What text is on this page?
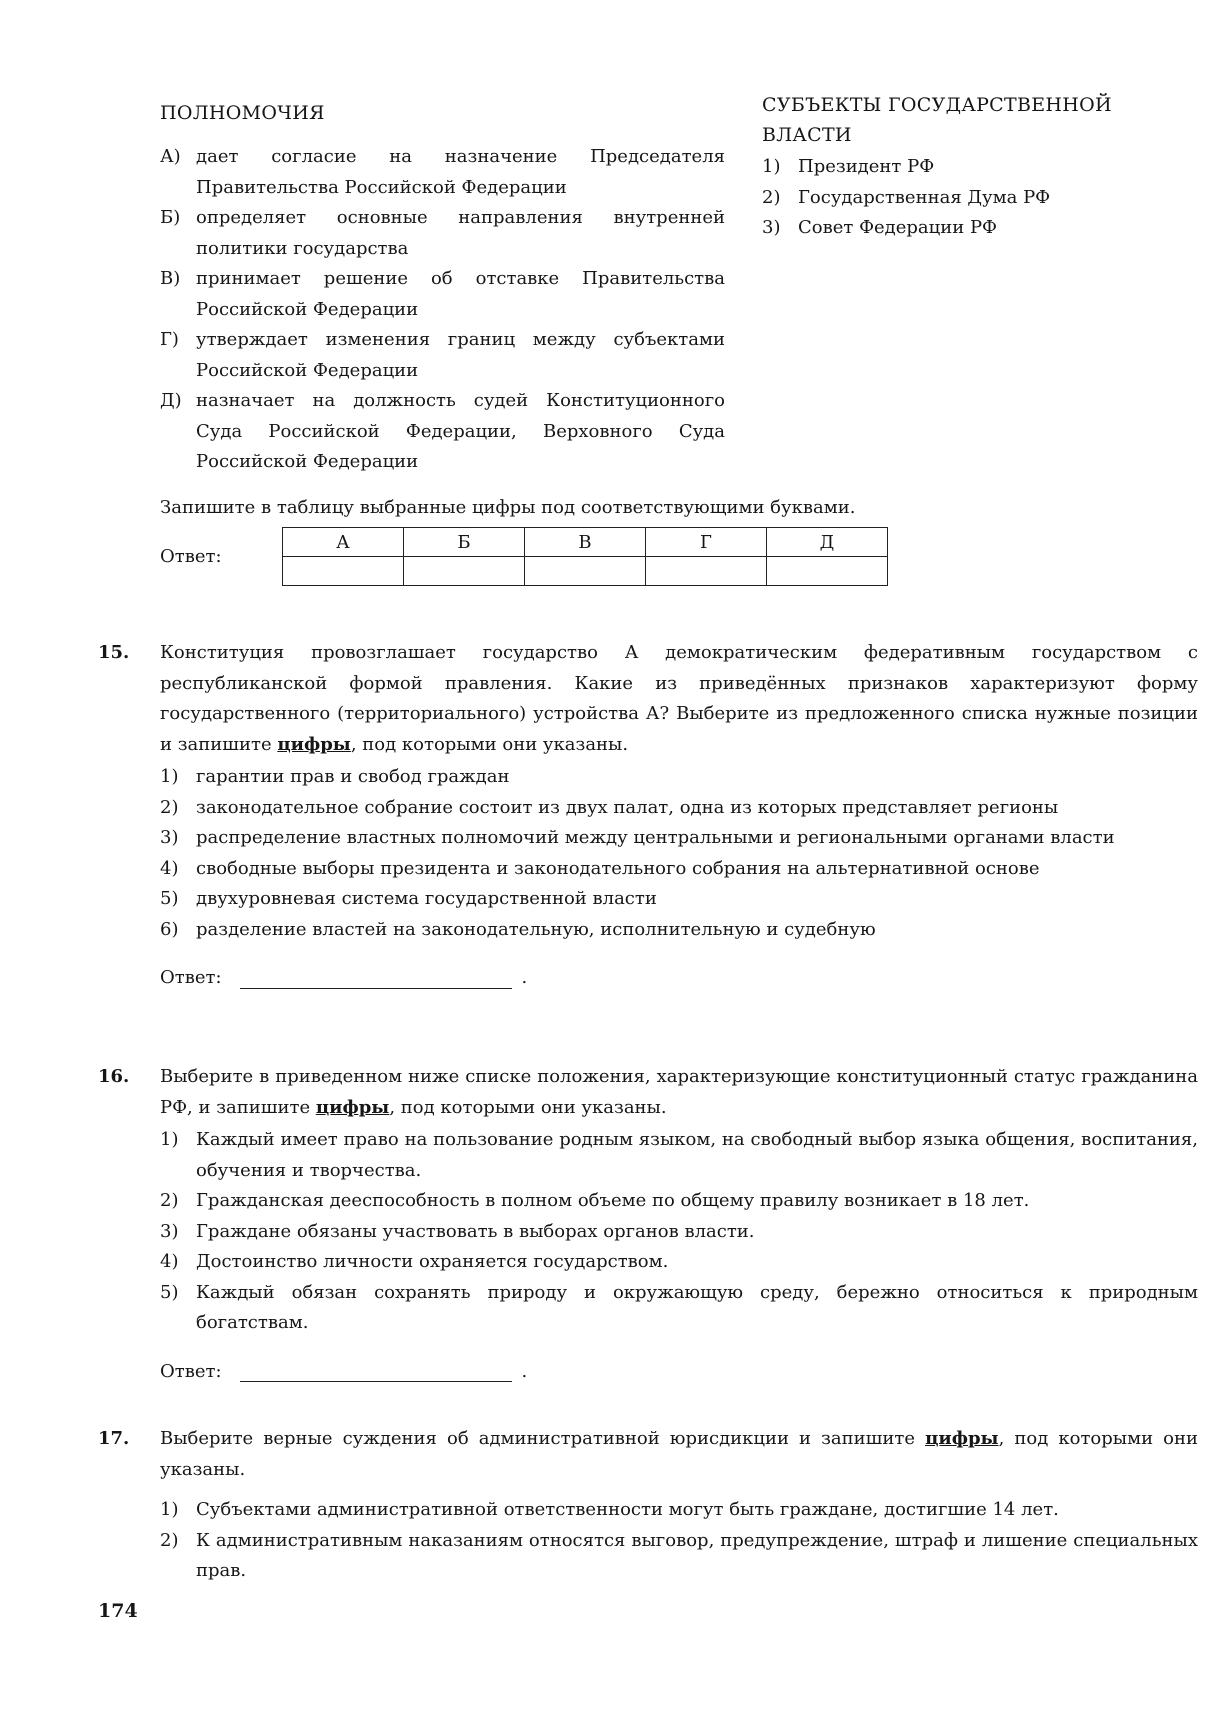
ПОЛНОМОЧИЯ
А) дает согласие на назначение Председателя Правительства Российской Федерации
Б) определяет основные направления внутренней политики государства
В) принимает решение об отставке Правительства Российской Федерации
Г) утверждает изменения границ между субъектами Российской Федерации
Д) назначает на должность судей Конституционного Суда Российской Федерации, Верховного Суда Российской Федерации
СУБЪЕКТЫ ГОСУДАРСТВЕННОЙ ВЛАСТИ
1) Президент РФ
2) Государственная Дума РФ
3) Совет Федерации РФ
Запишите в таблицу выбранные цифры под соответствующими буквами.
Ответ:
А	Б	В	Г	Д

15. Конституция провозглашает государство А демократическим федеративным государством с республиканской формой правления. Какие из приведённых признаков характеризуют форму государственного (территориального) устройства А? Выберите из предложенного списка нужные позиции и запишите цифры, под которыми они указаны.
1) гарантии прав и свобод граждан
2) законодательное собрание состоит из двух палат, одна из которых представляет регионы
3) распределение властных полномочий между центральными и региональными органами власти
4) свободные выборы президента и законодательного собрания на альтернативной основе
5) двухуровневая система государственной власти
6) разделение властей на законодательную, исполнительную и судебную
Ответ:	.
16. Выберите в приведенном ниже списке положения, характеризующие конституционный статус гражданина РФ, и запишите цифры, под которыми они указаны.
1) Каждый имеет право на пользование родным языком, на свободный выбор языка общения, воспитания, обучения и творчества.
2) Гражданская дееспособность в полном объеме по общему правилу возникает в 18 лет.
3) Граждане обязаны участвовать в выборах органов власти.
4) Достоинство личности охраняется государством.
5) Каждый обязан сохранять природу и окружающую среду, бережно относиться к природным богатствам.
Ответ:	.
17. Выберите верные суждения об административной юрисдикции и запишите цифры, под которыми они указаны.
1) Субъектами административной ответственности могут быть граждане, достигшие 14 лет.
2) К административным наказаниям относятся выговор, предупреждение, штраф и лишение специальных прав.
174
